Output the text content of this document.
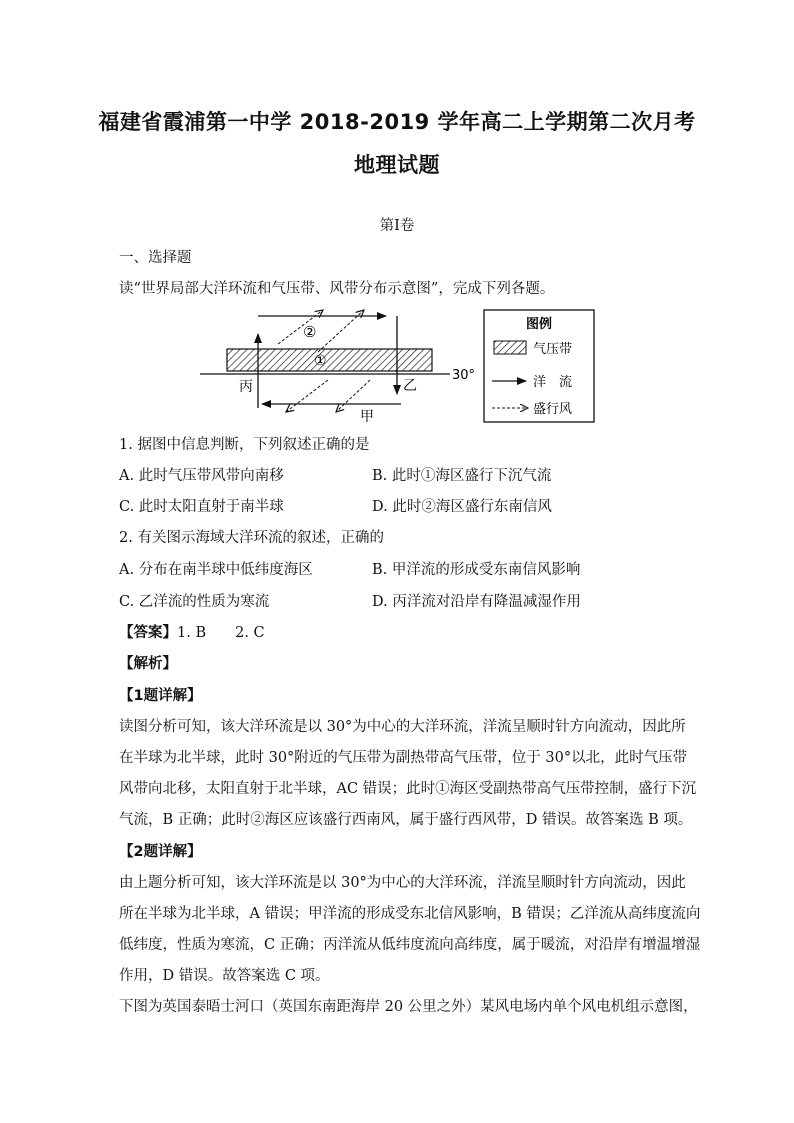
福建省霞浦第一中学 2018-2019 学年高二上学期第二次月考
地理试题
第Ⅰ卷
一、选择题
读“世界局部大洋环流和气压带、风带分布示意图”，完成下列各题。
②
①
丙	乙
甲
30°
图例
气压带
洋　流
盛行风
1. 据图中信息判断，下列叙述正确的是
A. 此时气压带风带向南移	B. 此时①海区盛行下沉气流
C. 此时太阳直射于南半球	D. 此时②海区盛行东南信风
2. 有关图示海域大洋环流的叙述，正确的
A. 分布在南半球中低纬度海区	B. 甲洋流的形成受东南信风影响
C. 乙洋流的性质为寒流	D. 丙洋流对沿岸有降温减湿作用
【答案】1. B　　2. C
【解析】
【1题详解】
读图分析可知，该大洋环流是以 30°为中心的大洋环流，洋流呈顺时针方向流动，因此所
在半球为北半球，此时 30°附近的气压带为副热带高气压带，位于 30°以北，此时气压带
风带向北移，太阳直射于北半球，AC 错误；此时①海区受副热带高气压带控制，盛行下沉
气流，B 正确；此时②海区应该盛行西南风，属于盛行西风带，D 错误。故答案选 B 项。
【2题详解】
由上题分析可知，该大洋环流是以 30°为中心的大洋环流，洋流呈顺时针方向流动，因此
所在半球为北半球，A 错误；甲洋流的形成受东北信风影响，B 错误；乙洋流从高纬度流向
低纬度，性质为寒流，C 正确；丙洋流从低纬度流向高纬度，属于暖流，对沿岸有增温增湿
作用，D 错误。故答案选 C 项。
下图为英国泰晤士河口（英国东南距海岸 20 公里之外）某风电场内单个风电机组示意图，
